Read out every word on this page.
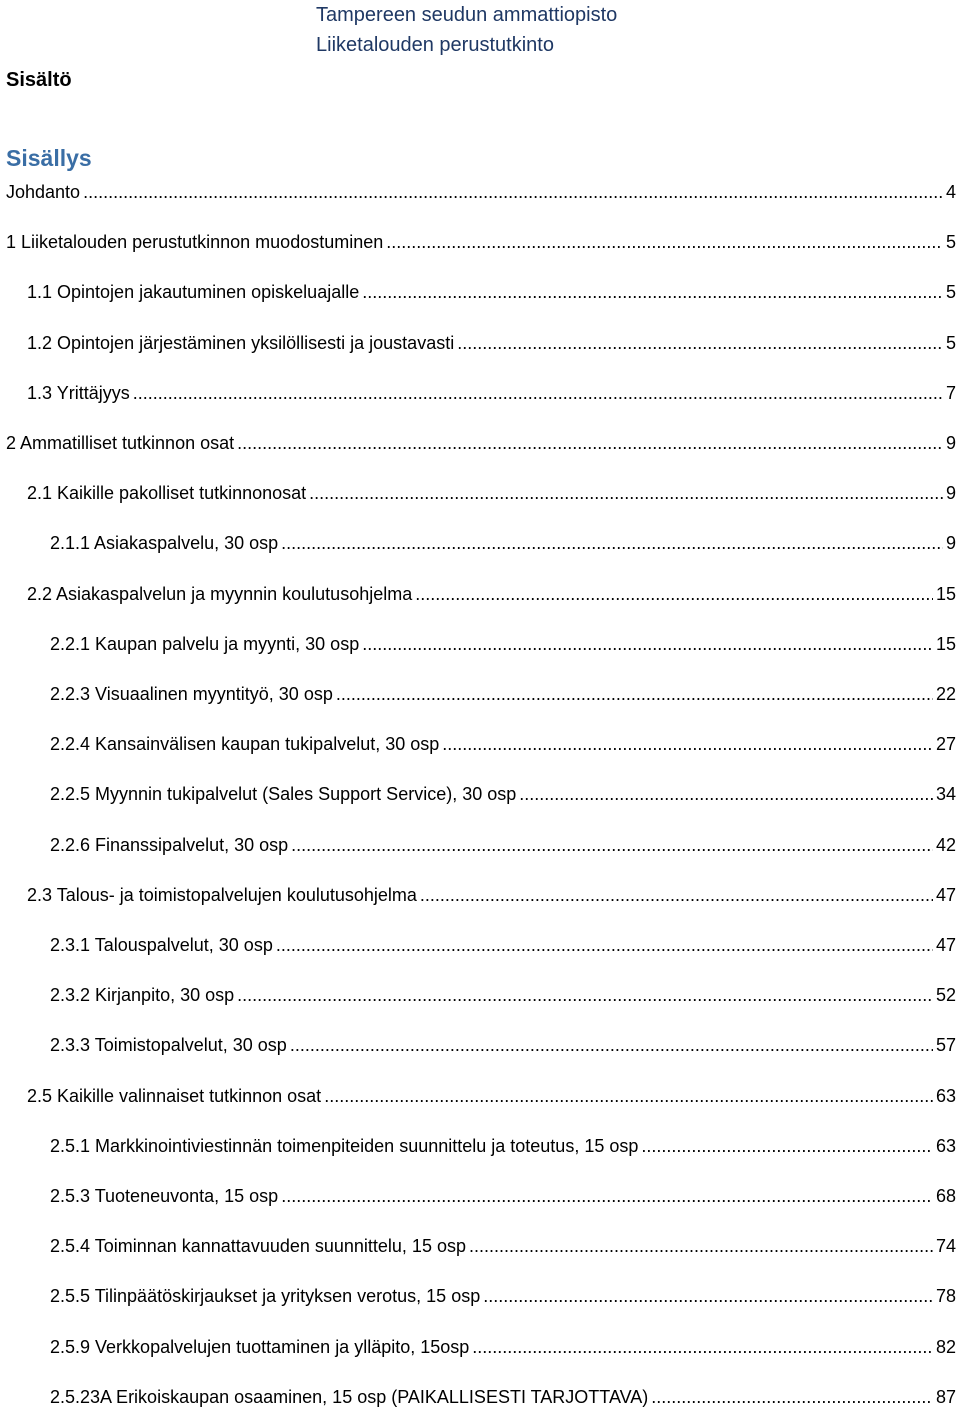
Tampereen seudun ammattiopisto
Liiketalouden perustutkinto
Sisältö
Sisällys
Johdanto .....	4
1 Liiketalouden perustutkinnon muodostuminen .....	5
1.1 Opintojen jakautuminen opiskeluajalle .....	5
1.2 Opintojen järjestäminen yksilöllisesti ja joustavasti .....	5
1.3 Yrittäjyys .....	7
2 Ammatilliset tutkinnon osat .....	9
2.1 Kaikille pakolliset tutkinnonosat .....	9
2.1.1 Asiakaspalvelu, 30 osp .....	9
2.2 Asiakaspalvelun ja myynnin koulutusohjelma .....	15
2.2.1 Kaupan palvelu ja myynti, 30 osp .....	15
2.2.3 Visuaalinen myyntityö, 30 osp .....	22
2.2.4 Kansainvälisen kaupan tukipalvelut, 30 osp .....	27
2.2.5 Myynnin tukipalvelut (Sales Support Service), 30 osp .....	34
2.2.6 Finanssipalvelut, 30 osp .....	42
2.3 Talous- ja toimistopalvelujen koulutusohjelma .....	47
2.3.1 Talouspalvelut, 30 osp .....	47
2.3.2 Kirjanpito, 30 osp .....	52
2.3.3 Toimistopalvelut, 30 osp .....	57
2.5 Kaikille valinnaiset tutkinnon osat .....	63
2.5.1 Markkinointiviestinnän toimenpiteiden suunnittelu ja toteutus, 15 osp .....	63
2.5.3 Tuoteneuvonta, 15 osp .....	68
2.5.4 Toiminnan kannattavuuden suunnittelu, 15 osp .....	74
2.5.5 Tilinpäätöskirjaukset ja yrityksen verotus, 15 osp .....	78
2.5.9 Verkkopalvelujen tuottaminen ja ylläpito, 15osp .....	82
2.5.23A Erikoiskaupan osaaminen, 15 osp (PAIKALLISESTI TARJOTTAVA) .....	87
